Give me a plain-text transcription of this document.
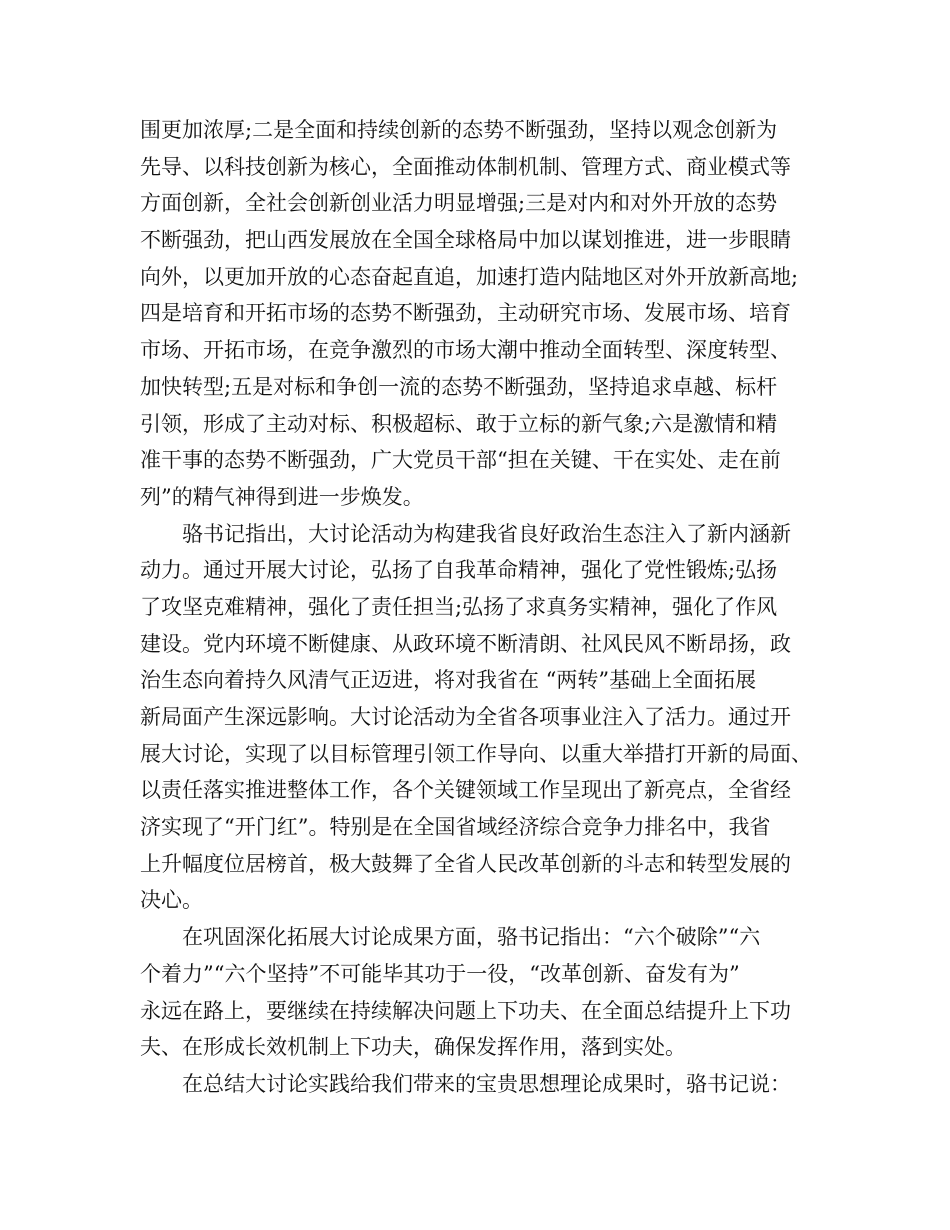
围更加浓厚;二是全面和持续创新的态势不断强劲，坚持以观念创新为
先导、以科技创新为核心，全面推动体制机制、管理方式、商业模式等
方面创新，全社会创新创业活力明显增强;三是对内和对外开放的态势
不断强劲，把山西发展放在全国全球格局中加以谋划推进，进一步眼睛
向外，以更加开放的心态奋起直追，加速打造内陆地区对外开放新高地;
四是培育和开拓市场的态势不断强劲，主动研究市场、发展市场、培育
市场、开拓市场，在竞争激烈的市场大潮中推动全面转型、深度转型、
加快转型;五是对标和争创一流的态势不断强劲，坚持追求卓越、标杆
引领，形成了主动对标、积极超标、敢于立标的新气象;六是激情和精
准干事的态势不断强劲，广大党员干部“担在关键、干在实处、走在前
列”的精气神得到进一步焕发。
骆书记指出，大讨论活动为构建我省良好政治生态注入了新内涵新
动力。通过开展大讨论，弘扬了自我革命精神，强化了党性锻炼;弘扬
了攻坚克难精神，强化了责任担当;弘扬了求真务实精神，强化了作风
建设。党内环境不断健康、从政环境不断清朗、社风民风不断昂扬，政
治生态向着持久风清气正迈进，将对我省在 “两转”基础上全面拓展
新局面产生深远影响。大讨论活动为全省各项事业注入了活力。通过开
展大讨论，实现了以目标管理引领工作导向、以重大举措打开新的局面、
以责任落实推进整体工作，各个关键领域工作呈现出了新亮点，全省经
济实现了“开门红”。特别是在全国省域经济综合竞争力排名中，我省
上升幅度位居榜首，极大鼓舞了全省人民改革创新的斗志和转型发展的
决心。
在巩固深化拓展大讨论成果方面，骆书记指出：“六个破除”“六
个着力”“六个坚持”不可能毕其功于一役，“改革创新、奋发有为”
永远在路上，要继续在持续解决问题上下功夫、在全面总结提升上下功
夫、在形成长效机制上下功夫，确保发挥作用，落到实处。
在总结大讨论实践给我们带来的宝贵思想理论成果时，骆书记说：
